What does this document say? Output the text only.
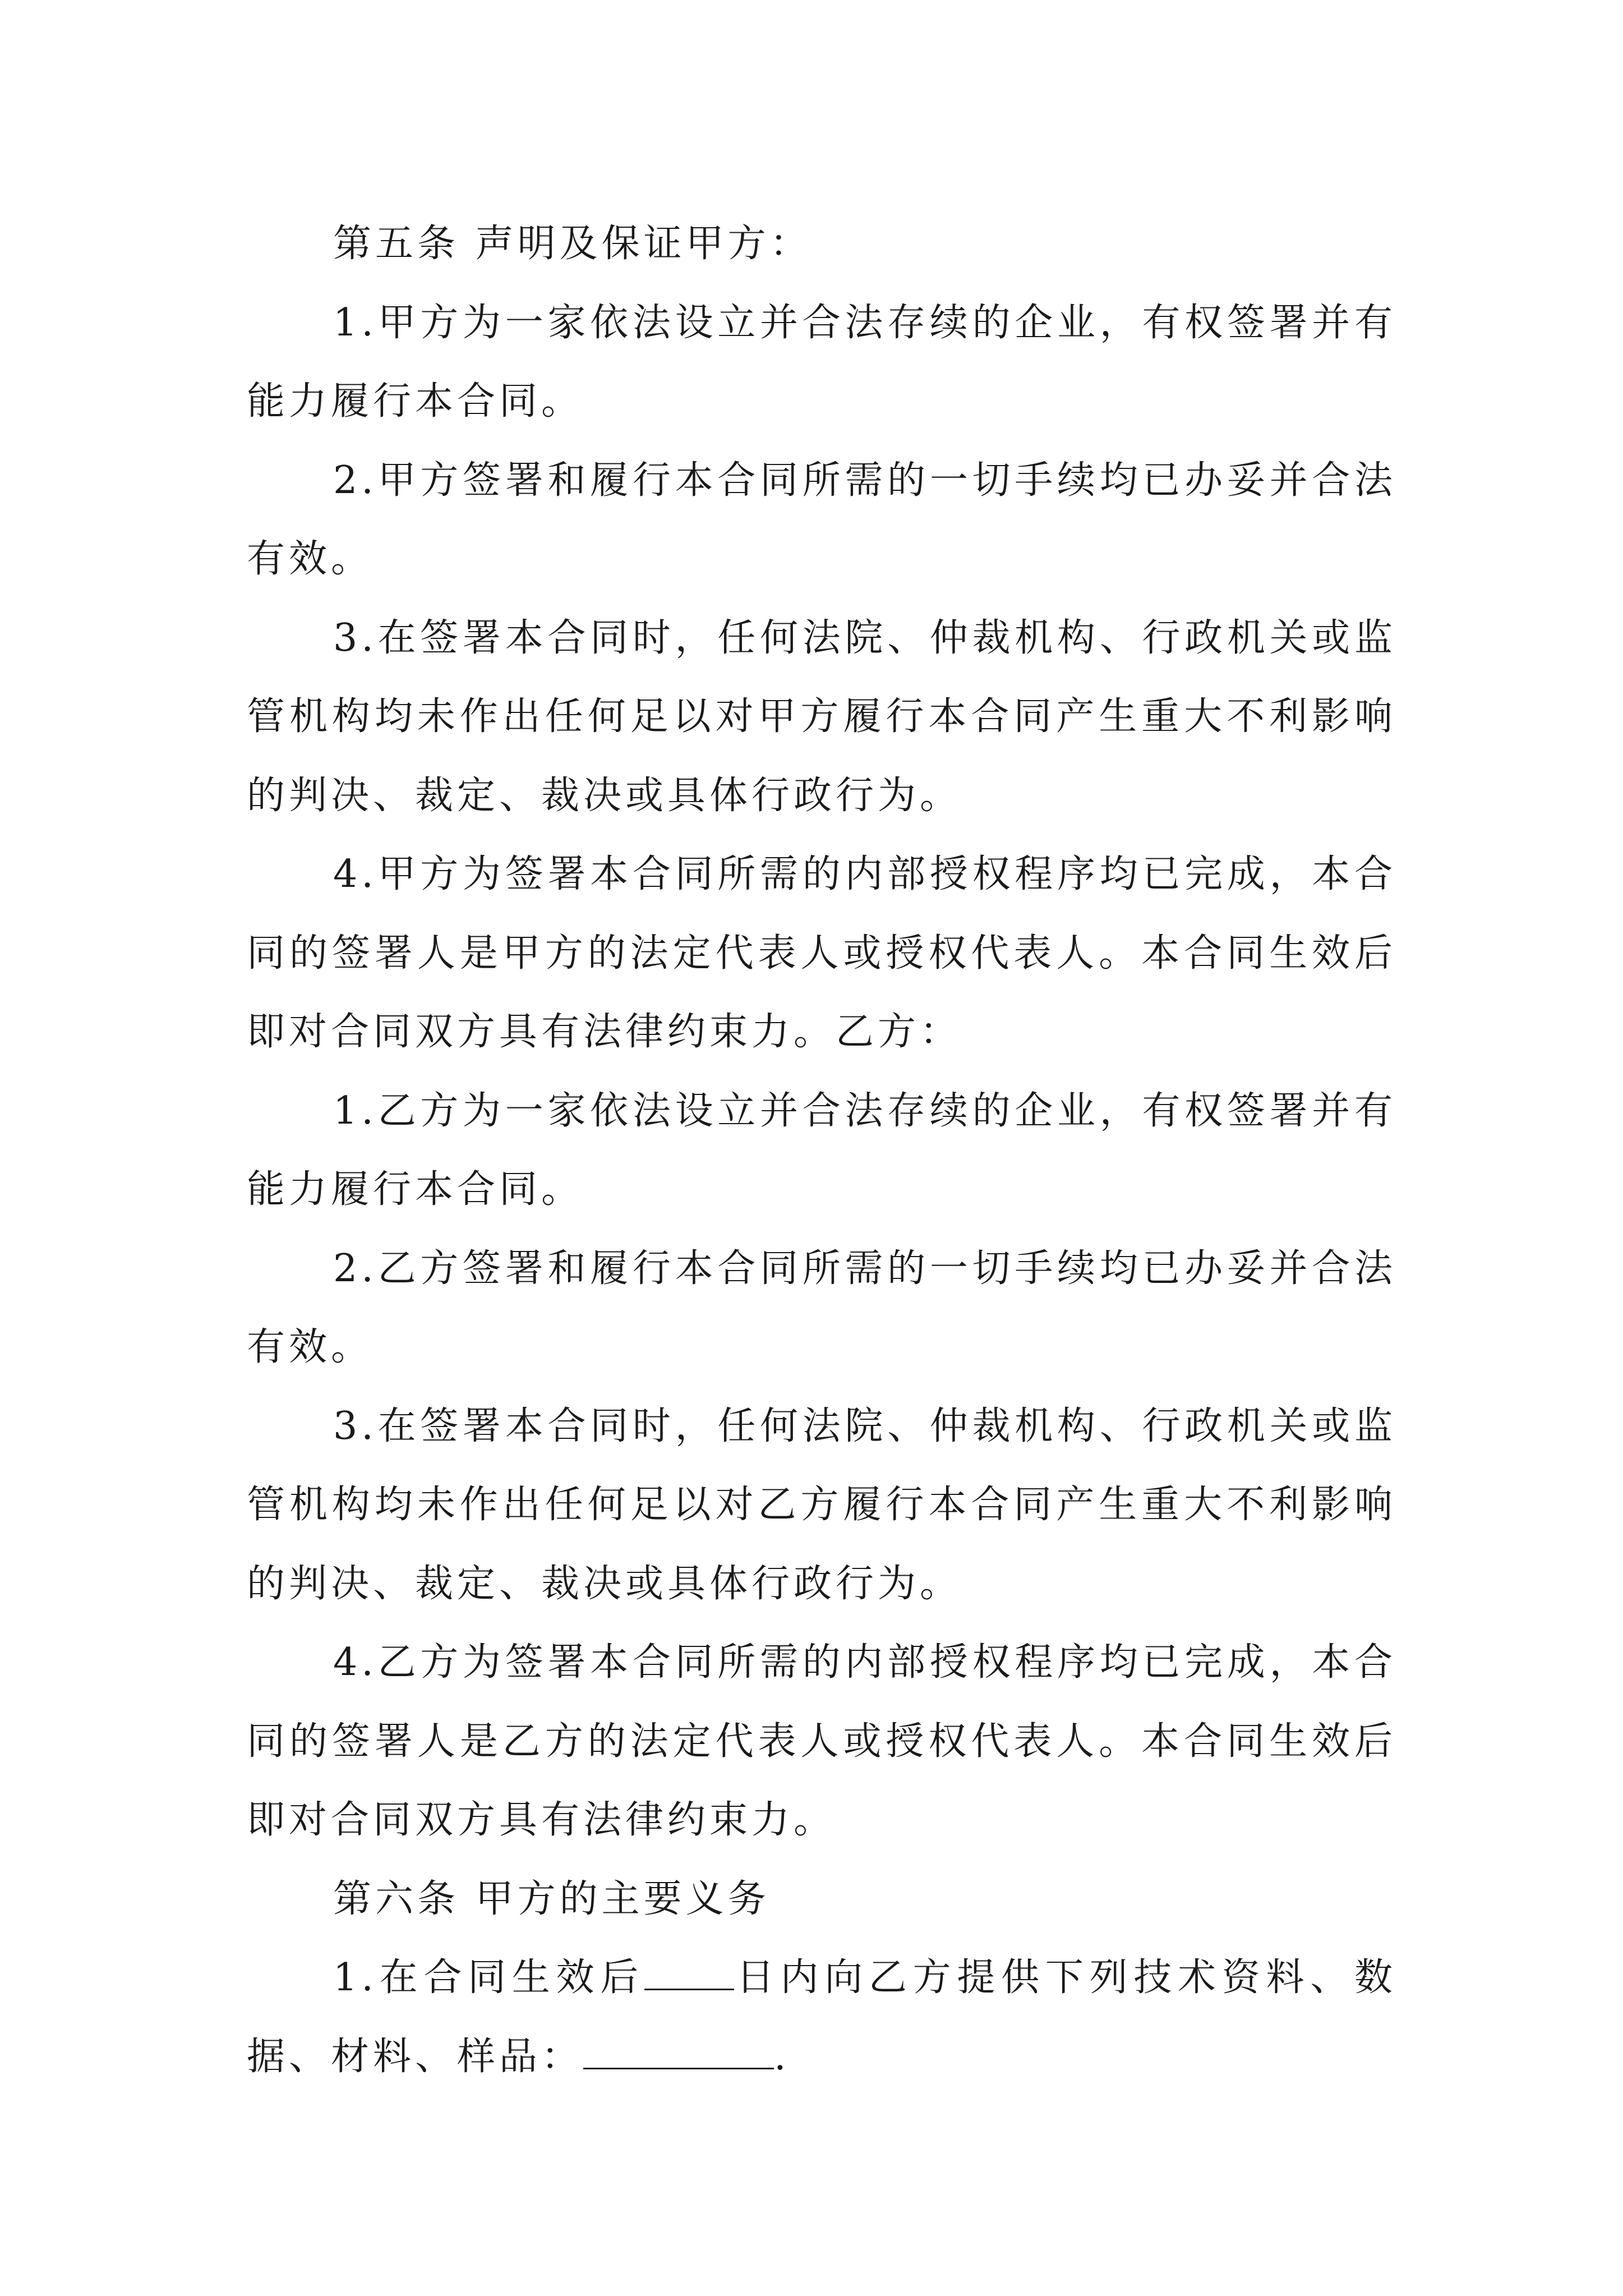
第五条 声明及保证甲方：

1.甲方为一家依法设立并合法存续的企业，有权签署并有能力履行本合同。

2.甲方签署和履行本合同所需的一切手续均已办妥并合法有效。

3.在签署本合同时，任何法院、仲裁机构、行政机关或监管机构均未作出任何足以对甲方履行本合同产生重大不利影响的判决、裁定、裁决或具体行政行为。

4.甲方为签署本合同所需的内部授权程序均已完成，本合同的签署人是甲方的法定代表人或授权代表人。本合同生效后即对合同双方具有法律约束力。乙方：

1.乙方为一家依法设立并合法存续的企业，有权签署并有能力履行本合同。

2.乙方签署和履行本合同所需的一切手续均已办妥并合法有效。

3.在签署本合同时，任何法院、仲裁机构、行政机关或监管机构均未作出任何足以对乙方履行本合同产生重大不利影响的判决、裁定、裁决或具体行政行为。

4.乙方为签署本合同所需的内部授权程序均已完成，本合同的签署人是乙方的法定代表人或授权代表人。本合同生效后即对合同双方具有法律约束力。

第六条 甲方的主要义务

1.在合同生效后 日内向乙方提供下列技术资料、数据、材料、样品：	.
